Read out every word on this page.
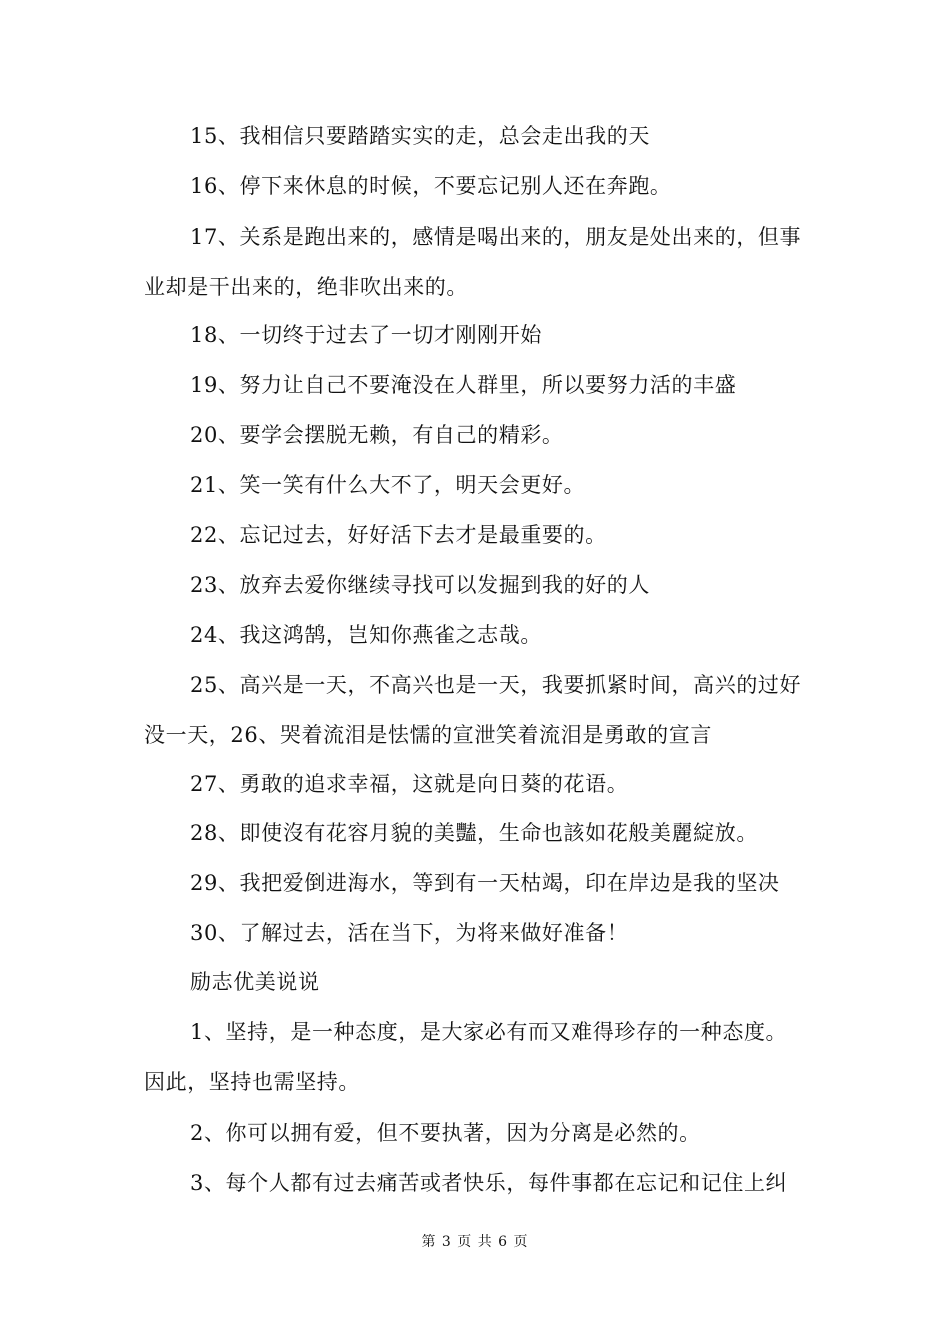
15、我相信只要踏踏实实的走，总会走出我的天
16、停下来休息的时候，不要忘记别人还在奔跑。
17、关系是跑出来的，感情是喝出来的，朋友是处出来的，但事
业却是干出来的，绝非吹出来的。
18、一切终于过去了一切才刚刚开始
19、努力让自己不要淹没在人群里，所以要努力活的丰盛
20、要学会摆脱无赖，有自己的精彩。
21、笑一笑有什么大不了，明天会更好。
22、忘记过去，好好活下去才是最重要的。
23、放弃去爱你继续寻找可以发掘到我的好的人
24、我这鸿鹄，岂知你燕雀之志哉。
25、高兴是一天，不高兴也是一天，我要抓紧时间，高兴的过好
没一天，26、哭着流泪是怯懦的宣泄笑着流泪是勇敢的宣言
27、勇敢的追求幸福，这就是向日葵的花语。
28、即使沒有花容月貌的美豔，生命也該如花般美麗綻放。
29、我把爱倒进海水，等到有一天枯竭，印在岸边是我的坚决
30、了解过去，活在当下，为将来做好准备！
励志优美说说
1、坚持，是一种态度，是大家必有而又难得珍存的一种态度。
因此，坚持也需坚持。
2、你可以拥有爱，但不要执著，因为分离是必然的。
3、每个人都有过去痛苦或者快乐，每件事都在忘记和记住上纠
第 3 页 共 6 页
